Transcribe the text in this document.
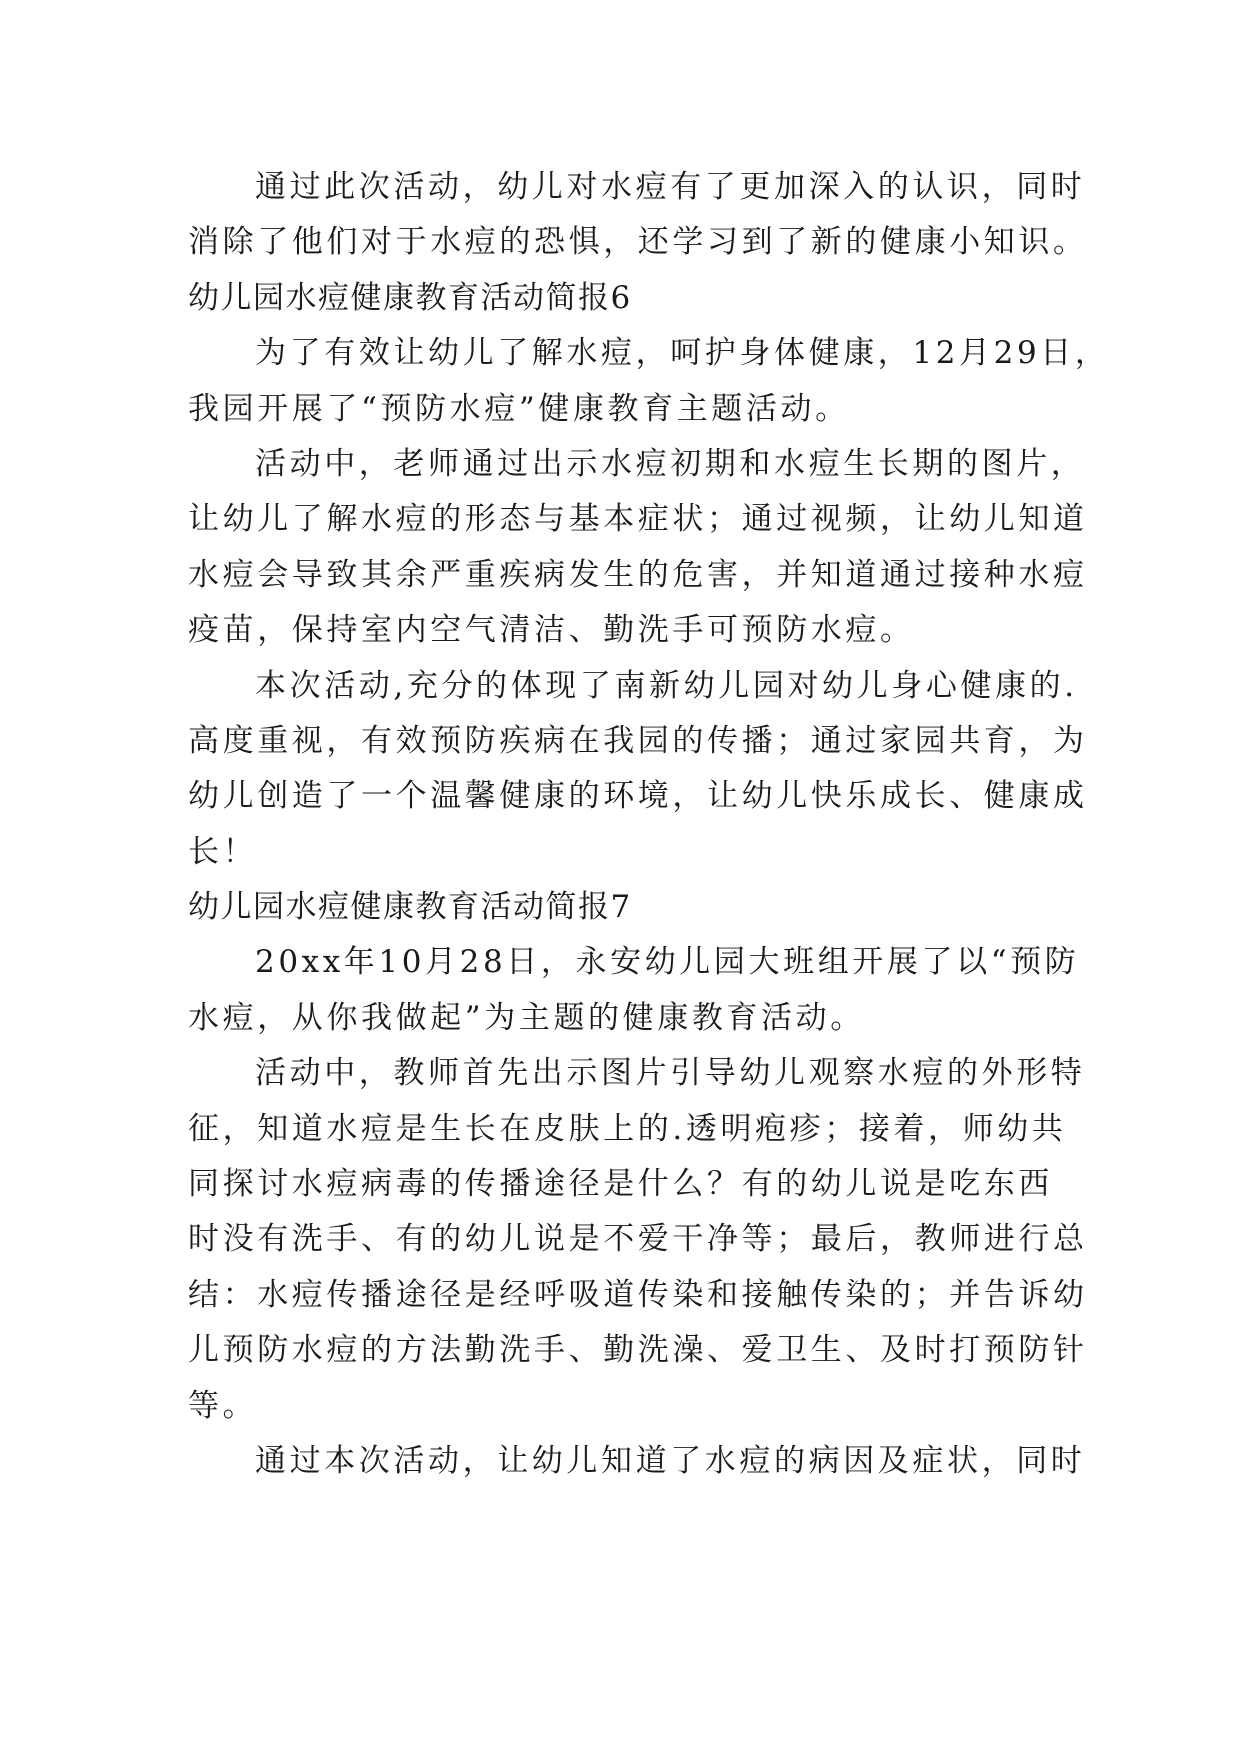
通过此次活动，幼儿对水痘有了更加深入的认识，同时
消除了他们对于水痘的恐惧，还学习到了新的健康小知识。
幼儿园水痘健康教育活动简报6
为了有效让幼儿了解水痘，呵护身体健康，12月29日，
我园开展了“预防水痘”健康教育主题活动。
活动中，老师通过出示水痘初期和水痘生长期的图片，
让幼儿了解水痘的形态与基本症状；通过视频，让幼儿知道
水痘会导致其余严重疾病发生的危害，并知道通过接种水痘
疫苗，保持室内空气清洁、勤洗手可预防水痘。
本次活动,充分的体现了南新幼儿园对幼儿身心健康的.
高度重视，有效预防疾病在我园的传播；通过家园共育，为
幼儿创造了一个温馨健康的环境，让幼儿快乐成长、健康成
长！
幼儿园水痘健康教育活动简报7
20xx年10月28日，永安幼儿园大班组开展了以“预防
水痘，从你我做起”为主题的健康教育活动。
活动中，教师首先出示图片引导幼儿观察水痘的外形特
征，知道水痘是生长在皮肤上的.透明疱疹；接着，师幼共
同探讨水痘病毒的传播途径是什么？有的幼儿说是吃东西
时没有洗手、有的幼儿说是不爱干净等；最后，教师进行总
结：水痘传播途径是经呼吸道传染和接触传染的；并告诉幼
儿预防水痘的方法勤洗手、勤洗澡、爱卫生、及时打预防针
等。
通过本次活动，让幼儿知道了水痘的病因及症状，同时
